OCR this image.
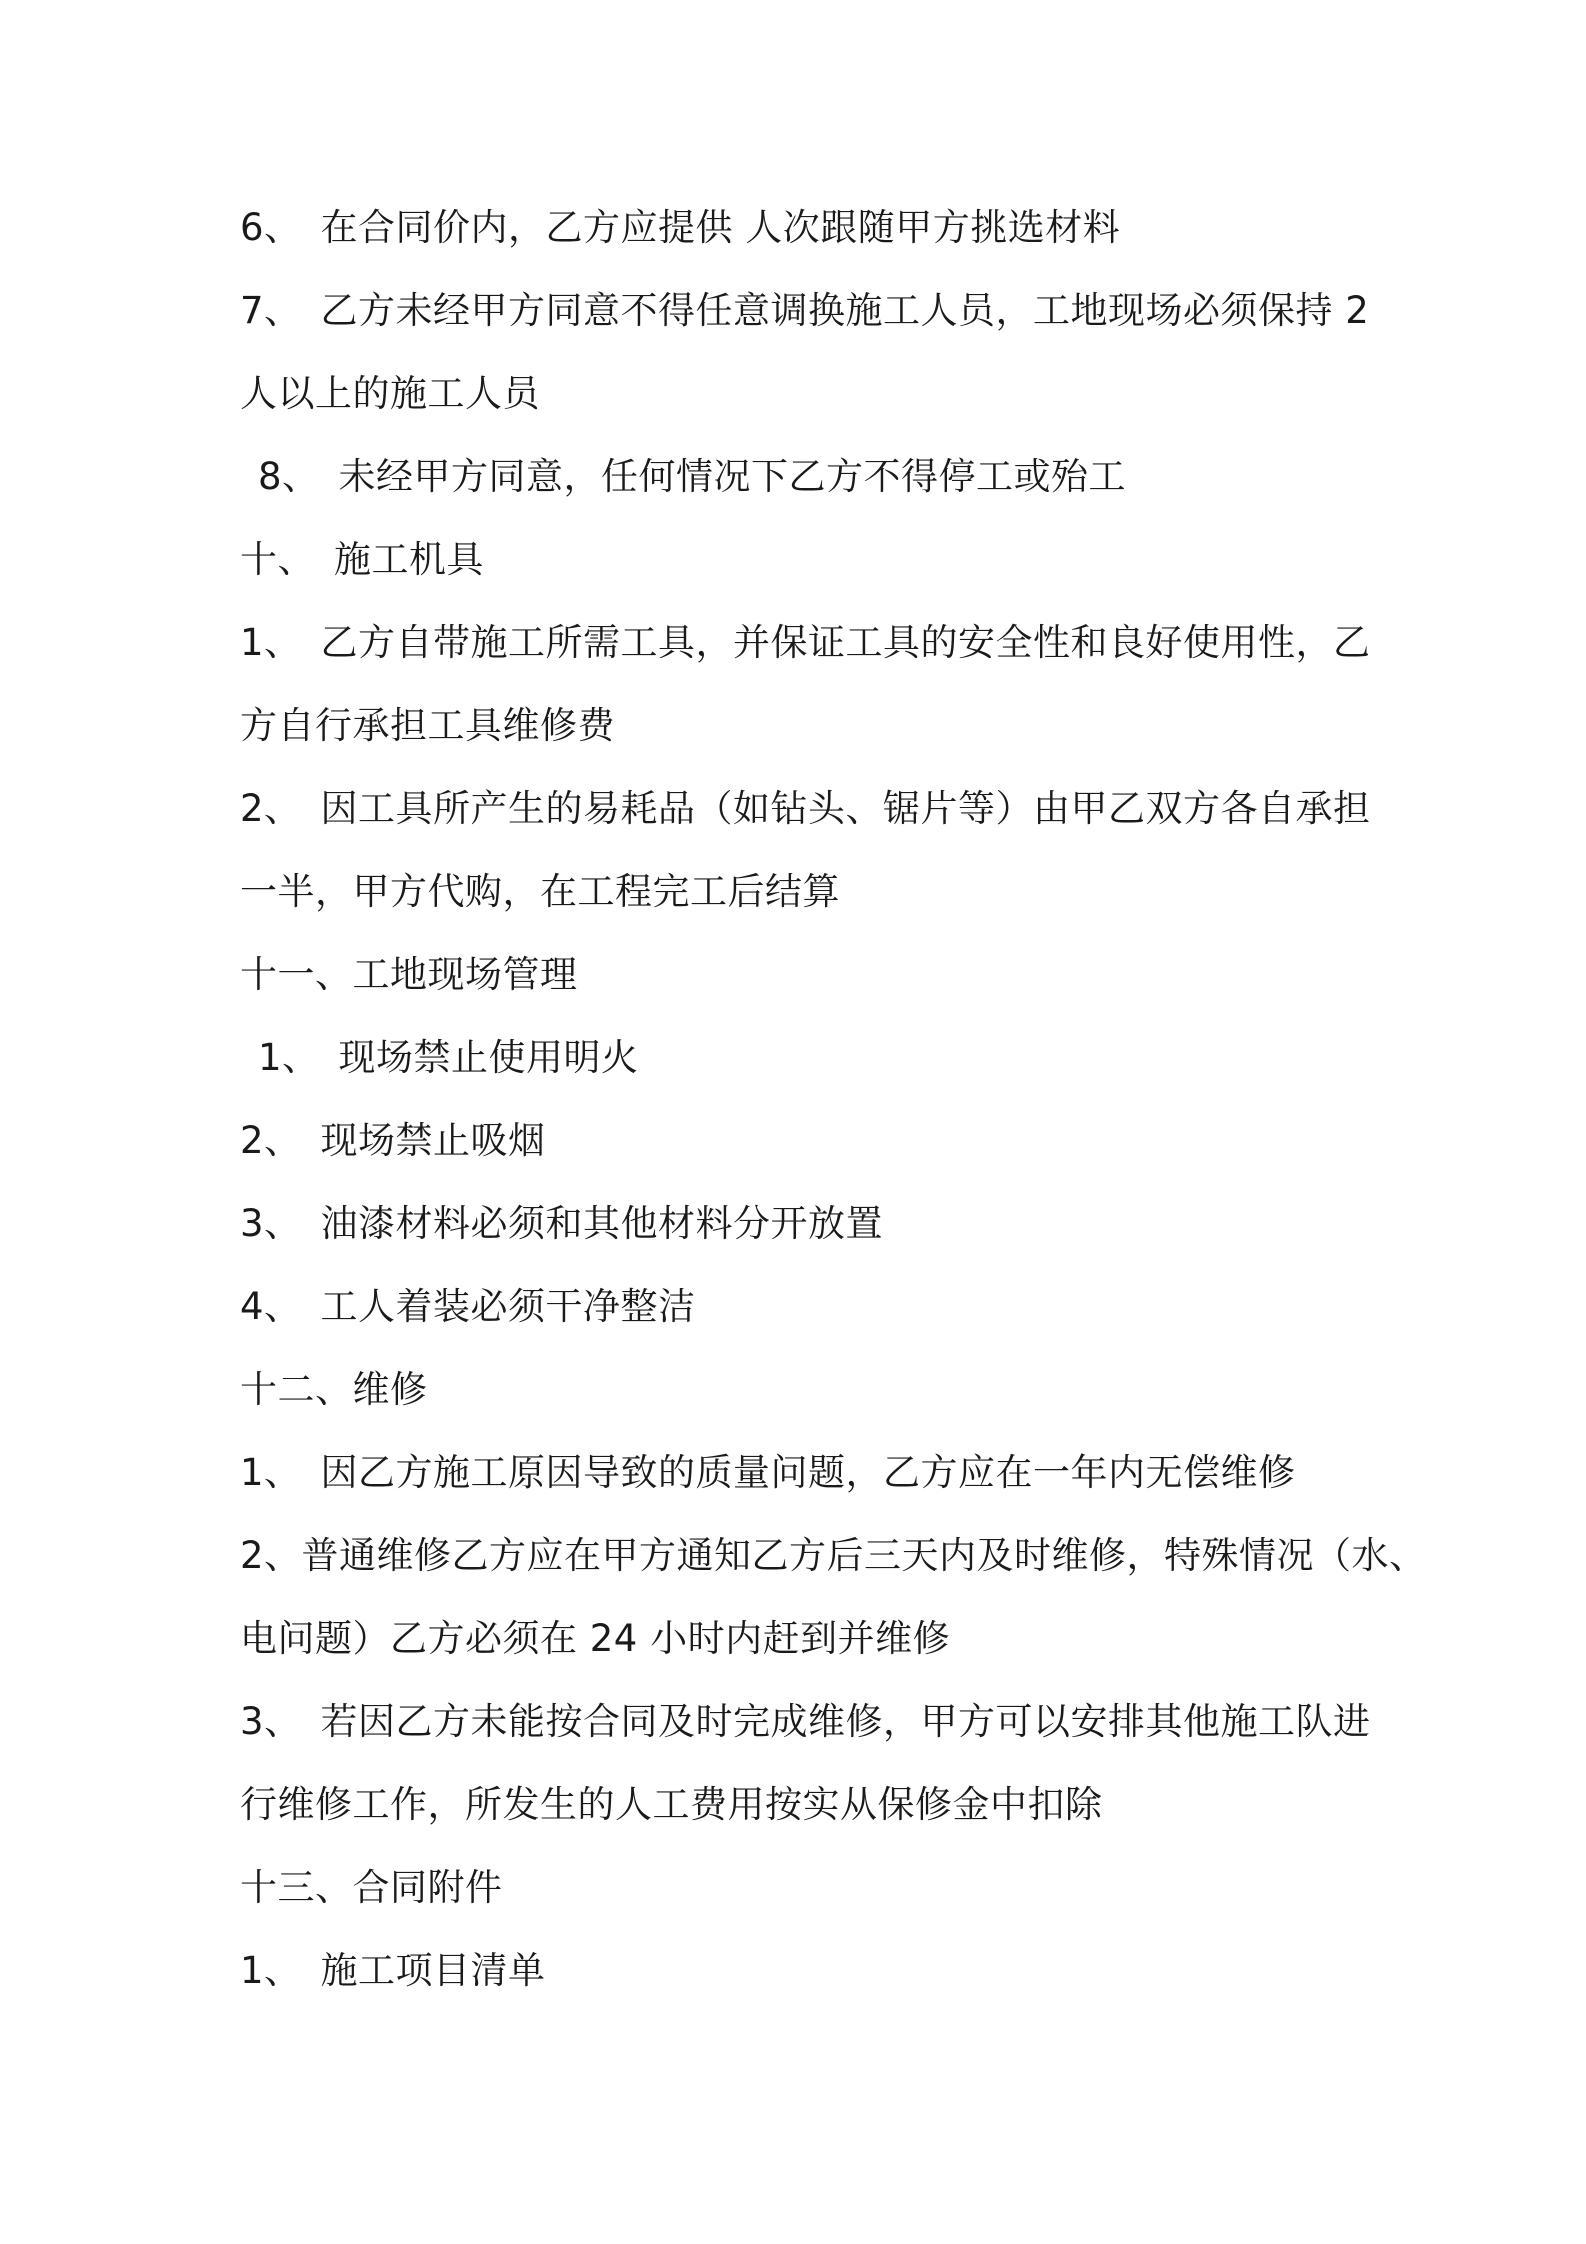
6、　在合同价内，乙方应提供 人次跟随甲方挑选材料
7、　乙方未经甲方同意不得任意调换施工人员，工地现场必须保持 2
人以上的施工人员
8、　未经甲方同意，任何情况下乙方不得停工或殆工
十、　施工机具
1、　乙方自带施工所需工具，并保证工具的安全性和良好使用性，乙
方自行承担工具维修费
2、　因工具所产生的易耗品（如钻头、锯片等）由甲乙双方各自承担
一半，甲方代购，在工程完工后结算
十一、工地现场管理
1、　现场禁止使用明火
2、　现场禁止吸烟
3、　油漆材料必须和其他材料分开放置
4、　工人着装必须干净整洁
十二、维修
1、　因乙方施工原因导致的质量问题，乙方应在一年内无偿维修
2、普通维修乙方应在甲方通知乙方后三天内及时维修，特殊情况（水、
电问题）乙方必须在 24 小时内赶到并维修
3、　若因乙方未能按合同及时完成维修，甲方可以安排其他施工队进
行维修工作，所发生的人工费用按实从保修金中扣除
十三、合同附件
1、　施工项目清单
